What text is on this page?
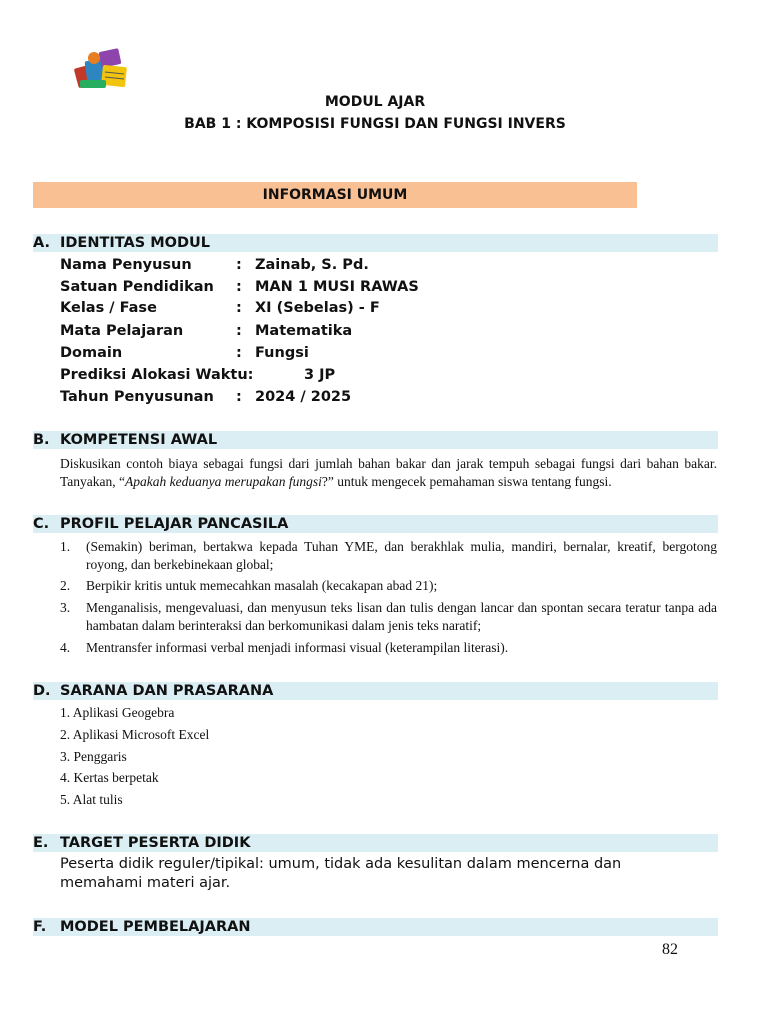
MODUL AJAR
BAB 1 : KOMPOSISI FUNGSI DAN FUNGSI INVERS
INFORMASI UMUM
A. IDENTITAS MODUL
Nama Penyusun	: Zainab, S. Pd.
Satuan Pendidikan : MAN 1 MUSI RAWAS
Kelas / Fase	: XI (Sebelas) - F
Mata Pelajaran	: Matematika
Domain	: Fungsi
Prediksi Alokasi Waktu:	3 JP
Tahun Penyusunan : 2024 / 2025
B. KOMPETENSI AWAL
Diskusikan contoh biaya sebagai fungsi dari jumlah bahan bakar dan jarak tempuh sebagai fungsi dari bahan bakar. Tanyakan, “Apakah keduanya merupakan fungsi?” untuk mengecek pemahaman siswa tentang fungsi.
C. PROFIL PELAJAR PANCASILA
1. (Semakin) beriman, bertakwa kepada Tuhan YME, dan berakhlak mulia, mandiri, bernalar, kreatif, bergotong royong, dan berkebinekaan global;
2. Berpikir kritis untuk memecahkan masalah (kecakapan abad 21);
3. Menganalisis, mengevaluasi, dan menyusun teks lisan dan tulis dengan lancar dan spontan secara teratur tanpa ada hambatan dalam berinteraksi dan berkomunikasi dalam jenis teks naratif;
4. Mentransfer informasi verbal menjadi informasi visual (keterampilan literasi).
D. SARANA DAN PRASARANA
1. Aplikasi Geogebra
2. Aplikasi Microsoft Excel
3. Penggaris
4. Kertas berpetak
5. Alat tulis
E. TARGET PESERTA DIDIK
Peserta didik reguler/tipikal: umum, tidak ada kesulitan dalam mencerna dan memahami materi ajar.
F. MODEL PEMBELAJARAN
82
